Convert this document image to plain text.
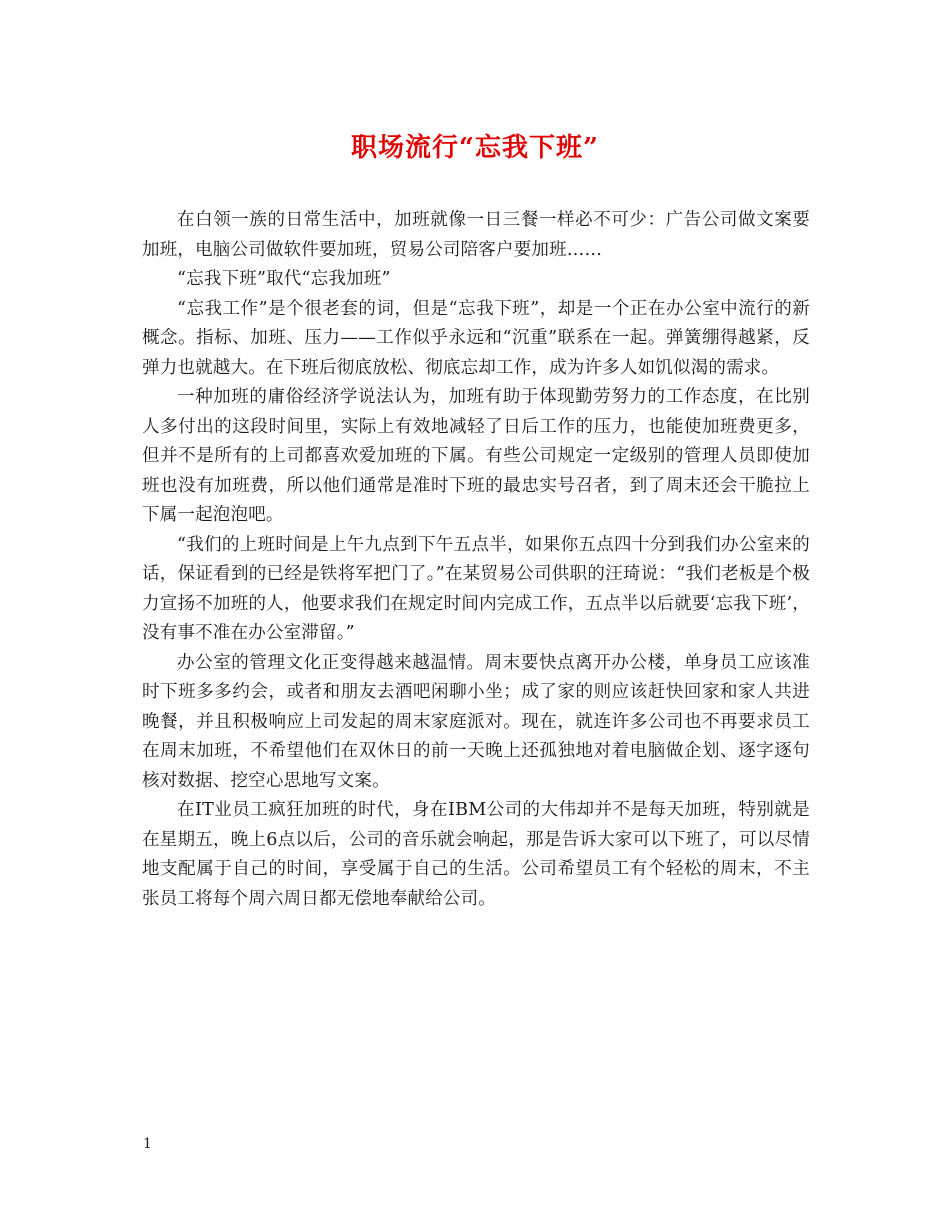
职场流行“忘我下班”

在白领一族的日常生活中，加班就像一日三餐一样必不可少：广告公司做文案要加班，电脑公司做软件要加班，贸易公司陪客户要加班……

“忘我下班”取代“忘我加班”

“忘我工作”是个很老套的词，但是“忘我下班”，却是一个正在办公室中流行的新概念。指标、加班、压力——工作似乎永远和“沉重”联系在一起。弹簧绷得越紧，反弹力也就越大。在下班后彻底放松、彻底忘却工作，成为许多人如饥似渴的需求。

一种加班的庸俗经济学说法认为，加班有助于体现勤劳努力的工作态度，在比别人多付出的这段时间里，实际上有效地减轻了日后工作的压力，也能使加班费更多，但并不是所有的上司都喜欢爱加班的下属。有些公司规定一定级别的管理人员即使加班也没有加班费，所以他们通常是准时下班的最忠实号召者，到了周末还会干脆拉上下属一起泡泡吧。

“我们的上班时间是上午九点到下午五点半，如果你五点四十分到我们办公室来的话，保证看到的已经是铁将军把门了。”在某贸易公司供职的汪琦说：“我们老板是个极力宣扬不加班的人，他要求我们在规定时间内完成工作，五点半以后就要‘忘我下班’，没有事不准在办公室滞留。”

办公室的管理文化正变得越来越温情。周末要快点离开办公楼，单身员工应该准时下班多多约会，或者和朋友去酒吧闲聊小坐；成了家的则应该赶快回家和家人共进晚餐，并且积极响应上司发起的周末家庭派对。现在，就连许多公司也不再要求员工在周末加班，不希望他们在双休日的前一天晚上还孤独地对着电脑做企划、逐字逐句核对数据、挖空心思地写文案。

在IT业员工疯狂加班的时代，身在IBM公司的大伟却并不是每天加班，特别就是在星期五，晚上6点以后，公司的音乐就会响起，那是告诉大家可以下班了，可以尽情地支配属于自己的时间，享受属于自己的生活。公司希望员工有个轻松的周末，不主张员工将每个周六周日都无偿地奉献给公司。

1
